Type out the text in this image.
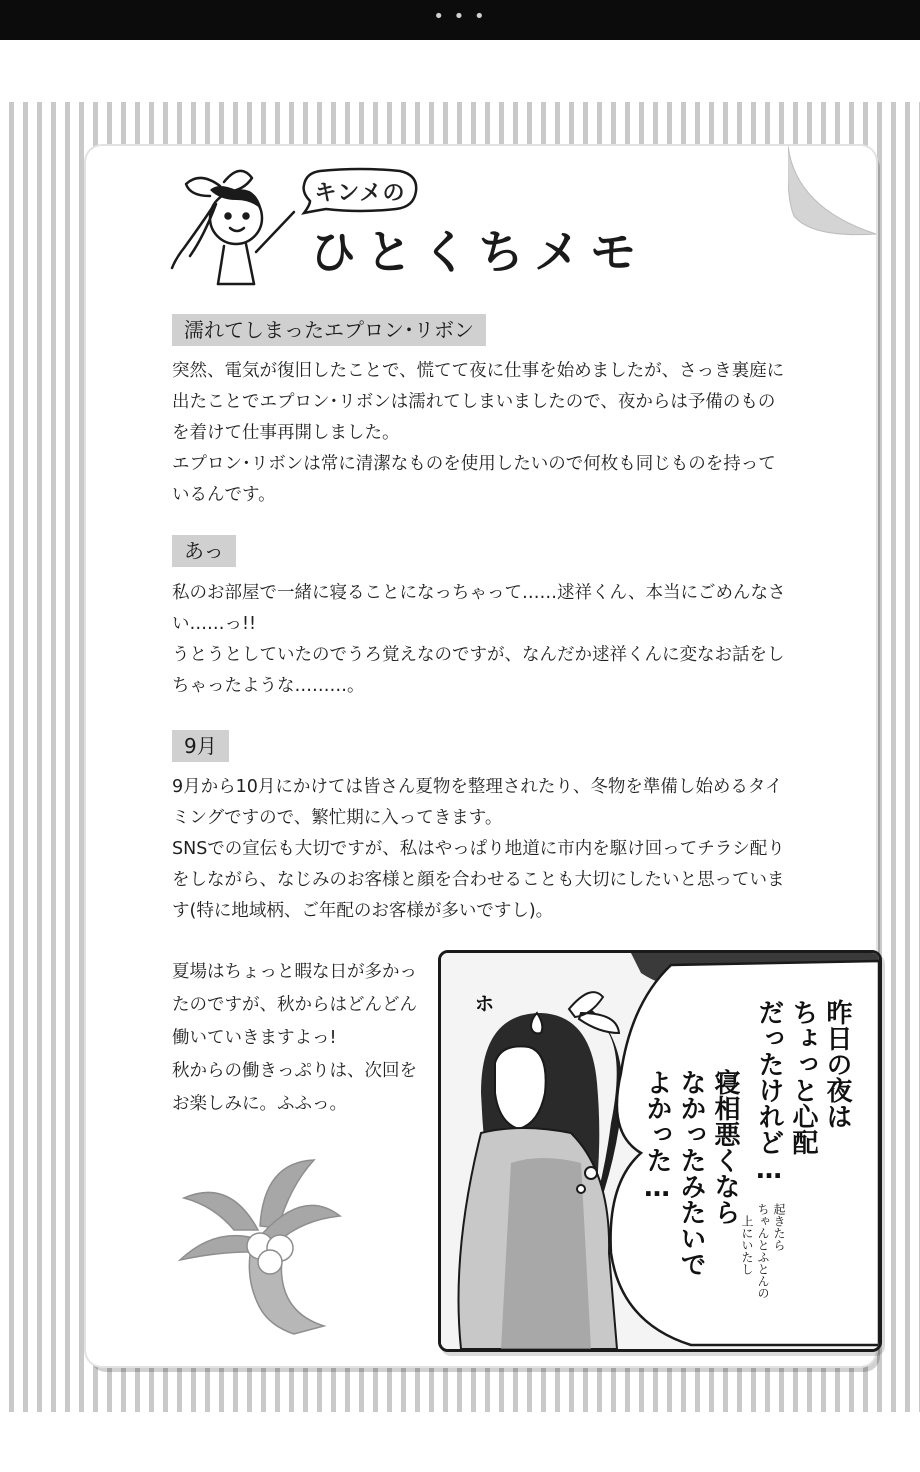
• • •
キンメの
ひとくちメモ
濡れてしまったエプロン･リボン

突然、電気が復旧したことで、慌てて夜に仕事を始めましたが、さっき裏庭に出たことでエプロン･リボンは濡れてしまいましたので、夜からは予備のものを着けて仕事再開しました。

エプロン･リボンは常に清潔なものを使用したいので何枚も同じものを持っているんです。

あっ

私のお部屋で一緒に寝ることになっちゃって……逑祥くん、本当にごめんなさい……っ!!

うとうとしていたのでうろ覚えなのですが、なんだか逑祥くんに変なお話をしちゃったような………。

9月

9月から10月にかけては皆さん夏物を整理されたり、冬物を準備し始めるタイミングですので、繁忙期に入ってきます。

SNSでの宣伝も大切ですが、私はやっぱり地道に市内を駆け回ってチラシ配りをしながら、なじみのお客様と顔を合わせることも大切にしたいと思っています(特に地域柄、ご年配のお客様が多いですし)。

夏場はちょっと暇な日が多かったのですが、秋からはどんどん働いていきますよっ!

秋からの働きっぷりは、次回をお楽しみに。ふふっ。

ホ	昨日の夜は
ちょっと心配
だったけれど…
寝相悪くなら
なかったみたいで
よかった…
起きたら
ちゃんとふとんの
上にいたし
